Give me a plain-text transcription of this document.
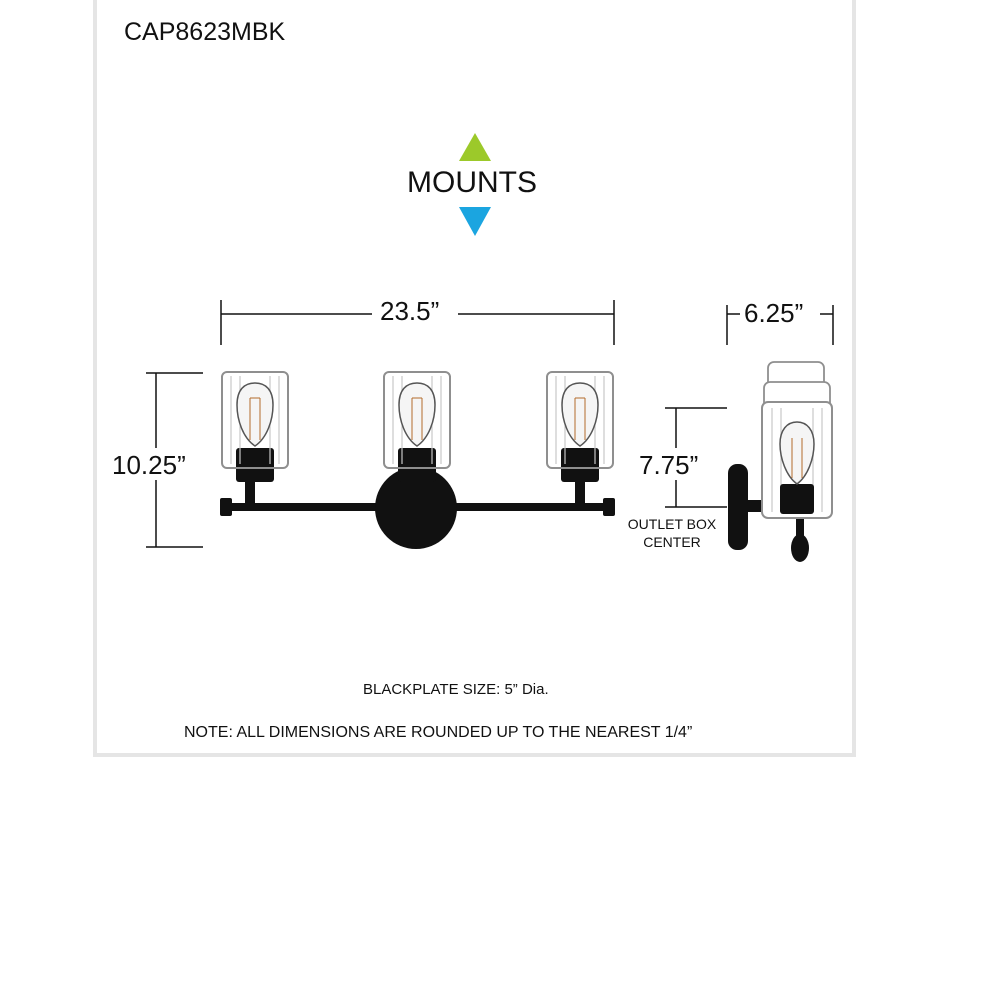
CAP8623MBK
MOUNTS
23.5”
10.25”
6.25”
7.75”
OUTLET BOX CENTER
BLACKPLATE SIZE: 5” Dia.
NOTE: ALL DIMENSIONS ARE ROUNDED UP TO THE NEAREST 1/4”
